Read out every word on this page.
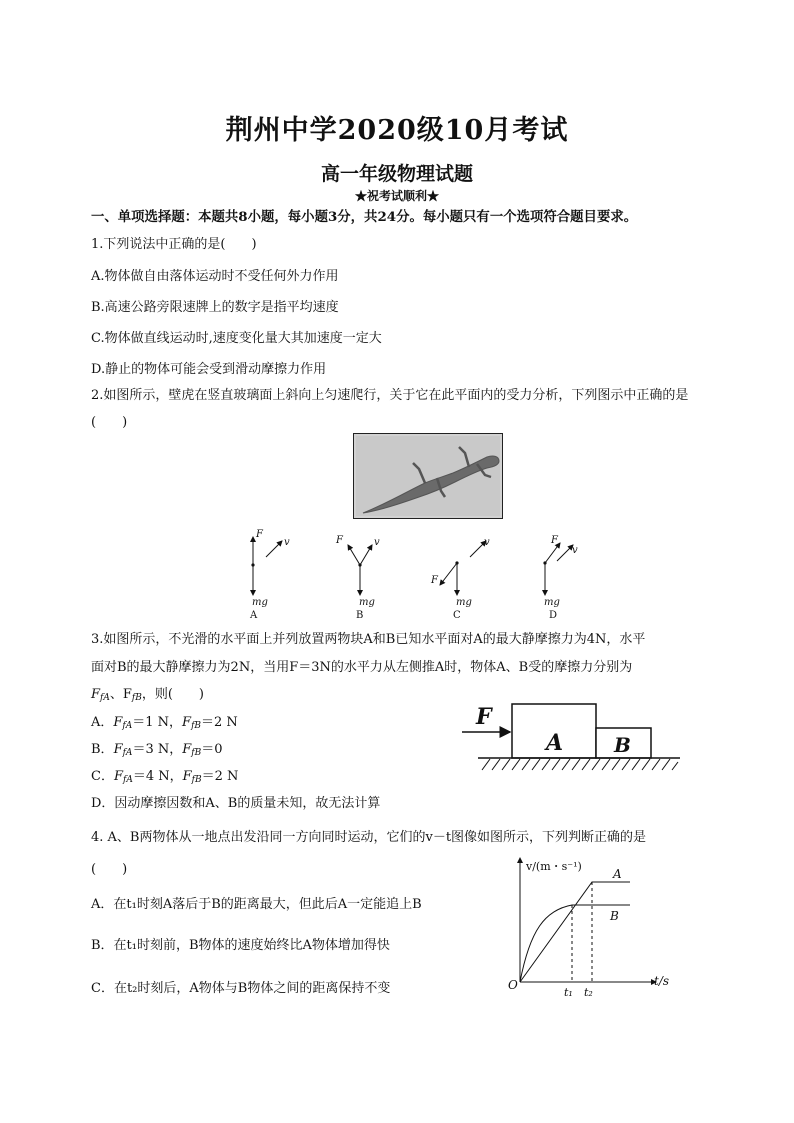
荆州中学2020级10月考试
高一年级物理试题
★祝考试顺利★
一、单项选择题：本题共8小题，每小题3分，共24分。每小题只有一个选项符合题目要求。
1.下列说法中正确的是(　　)
A.物体做自由落体运动时不受任何外力作用
B.高速公路旁限速牌上的数字是指平均速度
C.物体做直线运动时,速度变化量大其加速度一定大
D.静止的物体可能会受到滑动摩擦力作用
2.如图所示，壁虎在竖直玻璃面上斜向上匀速爬行，关于它在此平面内的受力分析，下列图示中正确的是
(　　)
F
v
mg
F	v
mg
F
v
mg
F
v
mg
A	B	C	D
3.如图所示，不光滑的水平面上并列放置两物块A和B已知水平面对A的最大静摩擦力为4N，水平
面对B的最大静摩擦力为2N，当用F＝3N的水平力从左侧推A时，物体A、B受的摩擦力分别为
$F_{fA}$、$F_{fB}$，则(　　)
A．$F_{fA}=1$ N，$F_{fB}=2$ N
B．$F_{fA}=3$ N，$F_{fB}=0$
C．$F_{fA}=4$ N，$F_{fB}=2$ N
D．因动摩擦因数和A、B的质量未知，故无法计算
F
A	B
4. A、B两物体从一地点出发沿同一方向同时运动，它们的v－t图像如图所示，下列判断正确的是
(　　)
A．在t₁时刻A落后于B的距离最大，但此后A一定能追上B
B．在t₁时刻前，B物体的速度始终比A物体增加得快
C．在t₂时刻后，A物体与B物体之间的距离保持不变
v/(m・s⁻¹)
t/s
O
t₁ t₂
A
B
